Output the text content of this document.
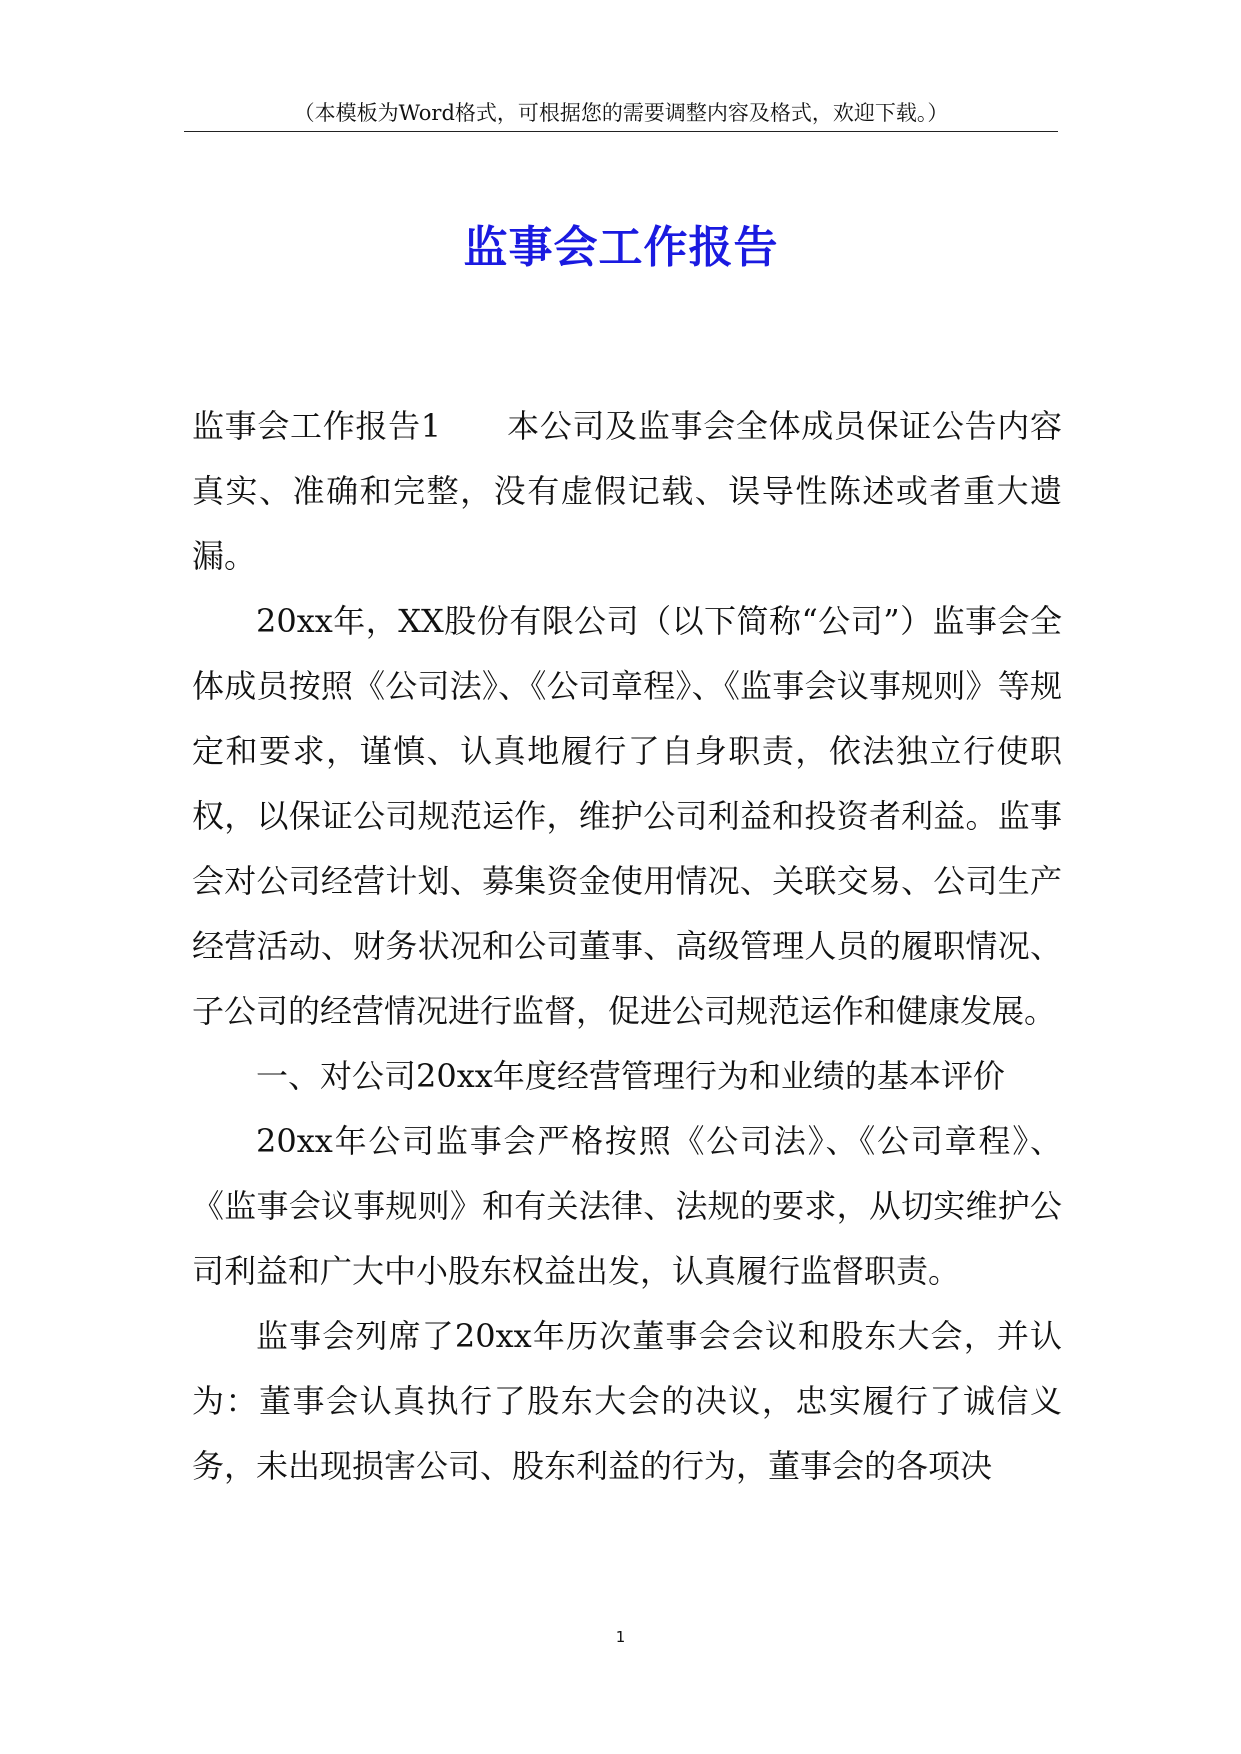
（本模板为Word格式，可根据您的需要调整内容及格式，欢迎下载。）
监事会工作报告

监事会工作报告1　　本公司及监事会全体成员保证公告内容真实、准确和完整，没有虚假记载、误导性陈述或者重大遗漏。

20xx年，XX股份有限公司（以下简称“公司”）监事会全体成员按照《公司法》、《公司章程》、《监事会议事规则》等规定和要求，谨慎、认真地履行了自身职责，依法独立行使职权，以保证公司规范运作，维护公司利益和投资者利益。监事会对公司经营计划、募集资金使用情况、关联交易、公司生产经营活动、财务状况和公司董事、高级管理人员的履职情况、子公司的经营情况进行监督，促进公司规范运作和健康发展。

一、对公司20xx年度经营管理行为和业绩的基本评价

20xx年公司监事会严格按照《公司法》、《公司章程》、《监事会议事规则》和有关法律、法规的要求，从切实维护公司利益和广大中小股东权益出发，认真履行监督职责。

监事会列席了20xx年历次董事会会议和股东大会，并认为：董事会认真执行了股东大会的决议，忠实履行了诚信义务，未出现损害公司、股东利益的行为，董事会的各项决

1
